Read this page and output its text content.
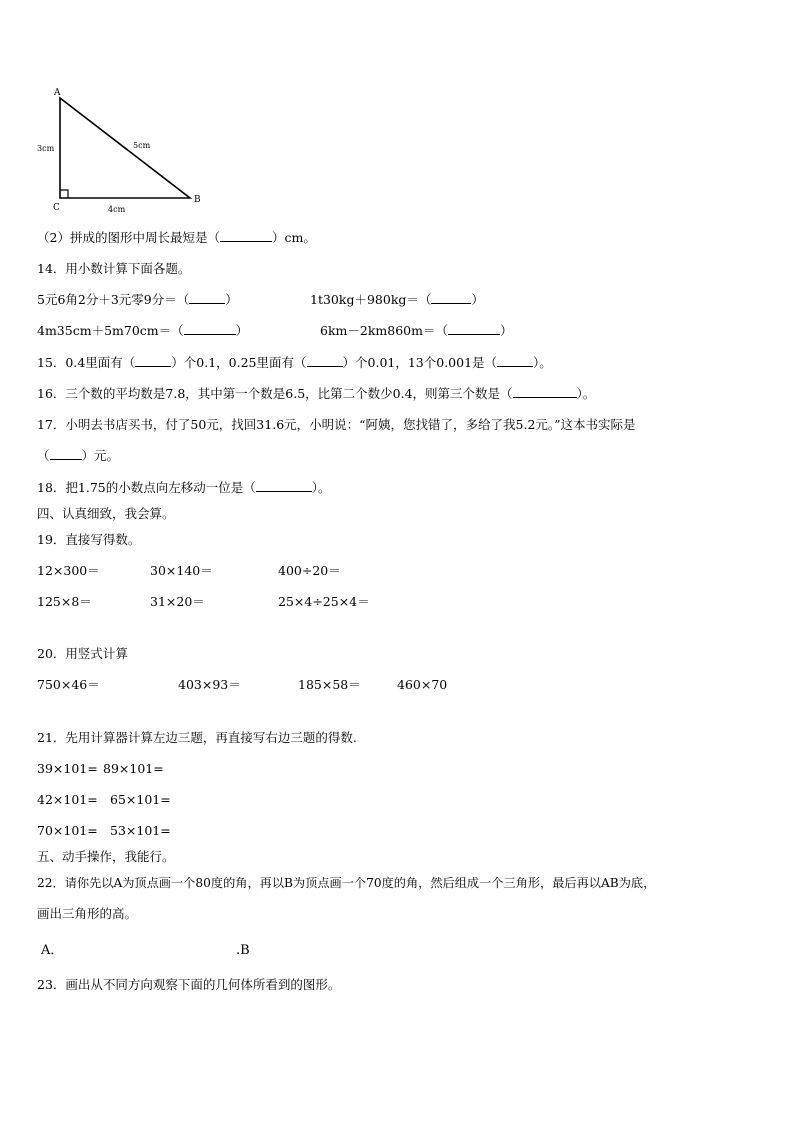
A
B
C
3cm	5cm
4cm
（2）拼成的图形中周长最短是（	）cm。
14．用小数计算下面各题。
5元6角2分＋3元零9分＝（	）	1t30kg＋980kg＝（	）
4m35cm＋5m70cm＝（	）	6km－2km860m＝（	）
15．0.4里面有（	）个0.1，0.25里面有（	）个0.01，13个0.001是（	）。
16．三个数的平均数是7.8，其中第一个数是6.5，比第二个数少0.4，则第三个数是（	）。
17．小明去书店买书，付了50元，找回31.6元，小明说：“阿姨，您找错了，多给了我5.2元。”这本书实际是
（	）元。
18．把1.75的小数点向左移动一位是（	）。
四、认真细致，我会算。
19．直接写得数。
12×300＝	30×140＝	400÷20＝
125×8＝	31×20＝	25×4÷25×4＝
20．用竖式计算
750×46＝	403×93＝	185×58＝	460×70
21．先用计算器计算左边三题，再直接写右边三题的得数.
39×101= 89×101=
42×101= 65×101=
70×101= 53×101=
五、动手操作，我能行。
22．请你先以A为顶点画一个80度的角，再以B为顶点画一个70度的角，然后组成一个三角形，最后再以AB为底，
画出三角形的高。
A．	.B
23．画出从不同方向观察下面的几何体所看到的图形。
